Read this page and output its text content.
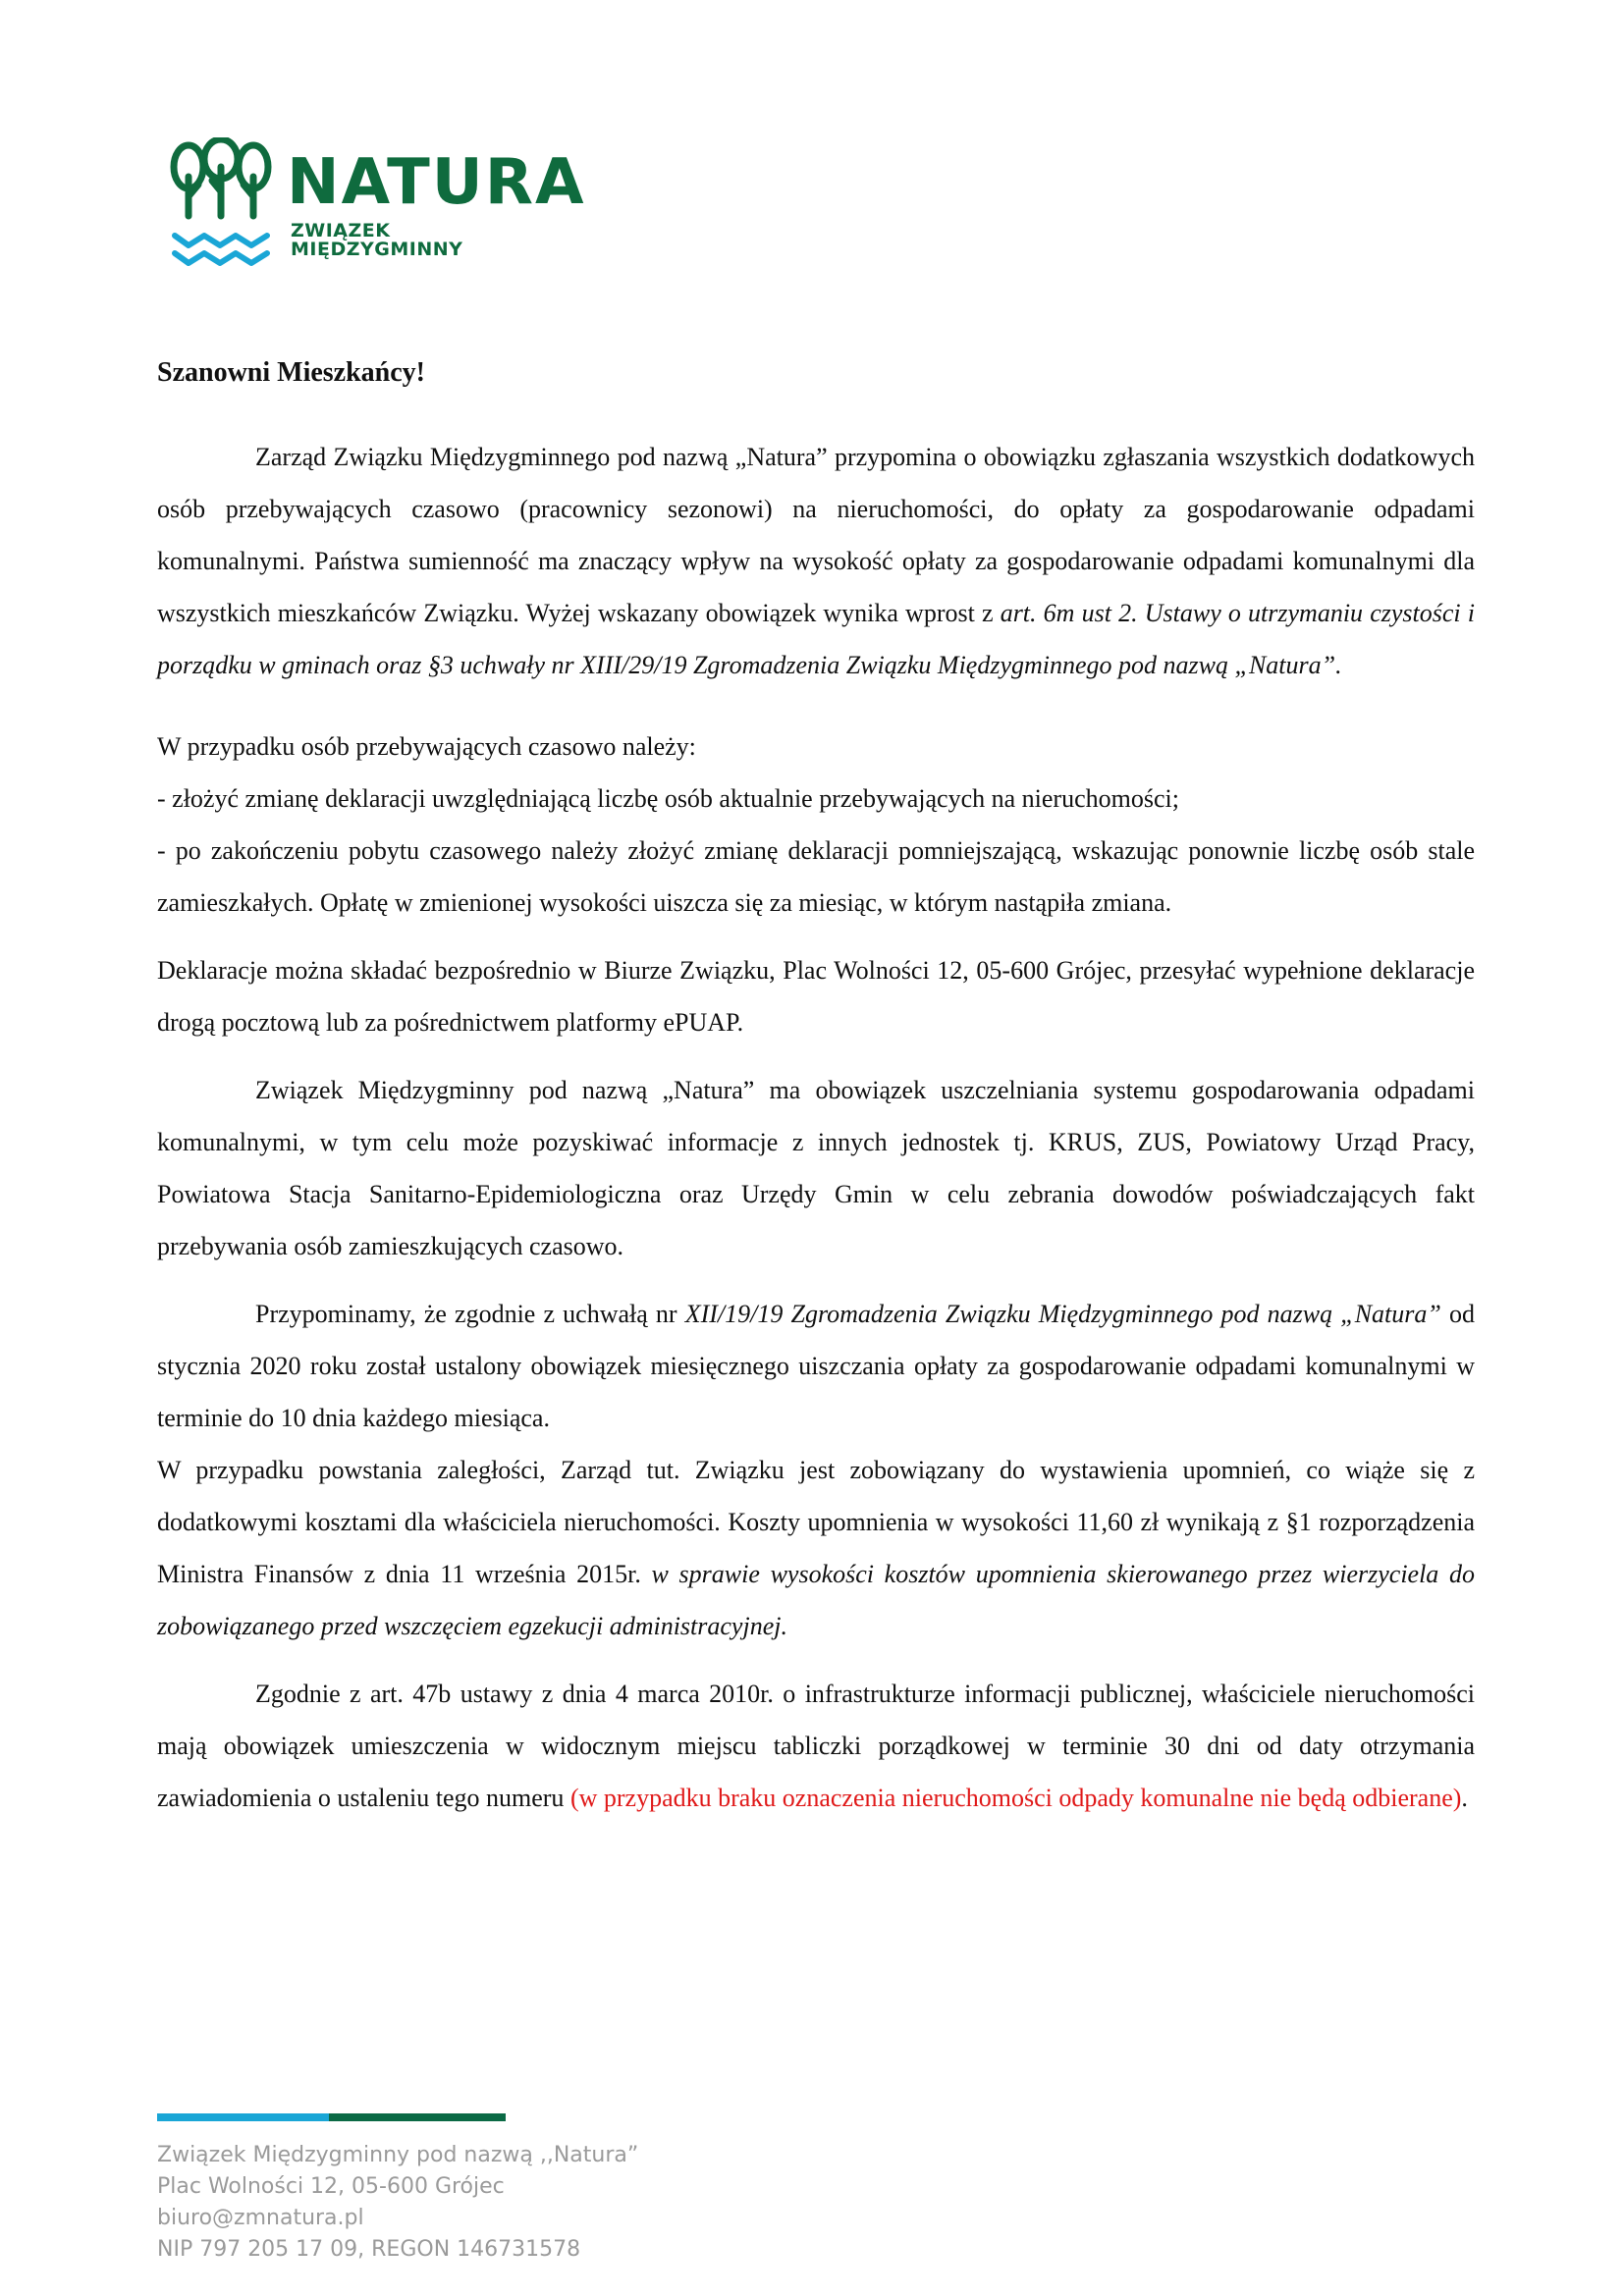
NATURA
ZWIĄZEK MIĘDZYGMINNY
Szanowni Mieszkańcy!

Zarząd Związku Międzygminnego pod nazwą „Natura” przypomina o obowiązku zgłaszania wszystkich dodatkowych osób przebywających czasowo (pracownicy sezonowi) na nieruchomości, do opłaty za gospodarowanie odpadami komunalnymi. Państwa sumienność ma znaczący wpływ na wysokość opłaty za gospodarowanie odpadami komunalnymi dla wszystkich mieszkańców Związku. Wyżej wskazany obowiązek wynika wprost z art. 6m ust 2. Ustawy o utrzymaniu czystości i porządku w gminach oraz §3 uchwały nr XIII/29/19 Zgromadzenia Związku Międzygminnego pod nazwą „Natura”.

W przypadku osób przebywających czasowo należy:

- złożyć zmianę deklaracji uwzględniającą liczbę osób aktualnie przebywających na nieruchomości;

- po zakończeniu pobytu czasowego należy złożyć zmianę deklaracji pomniejszającą, wskazując ponownie liczbę osób stale zamieszkałych. Opłatę w zmienionej wysokości uiszcza się za miesiąc, w którym nastąpiła zmiana.

Deklaracje można składać bezpośrednio w Biurze Związku, Plac Wolności 12, 05-600 Grójec, przesyłać wypełnione deklaracje drogą pocztową lub za pośrednictwem platformy ePUAP.

Związek Międzygminny pod nazwą „Natura” ma obowiązek uszczelniania systemu gospodarowania odpadami komunalnymi, w tym celu może pozyskiwać informacje z innych jednostek tj. KRUS, ZUS, Powiatowy Urząd Pracy, Powiatowa Stacja Sanitarno-Epidemiologiczna oraz Urzędy Gmin w celu zebrania dowodów poświadczających fakt przebywania osób zamieszkujących czasowo.

Przypominamy, że zgodnie z uchwałą nr XII/19/19 Zgromadzenia Związku Międzygminnego pod nazwą „Natura” od stycznia 2020 roku został ustalony obowiązek miesięcznego uiszczania opłaty za gospodarowanie odpadami komunalnymi w terminie do 10 dnia każdego miesiąca.

W przypadku powstania zaległości, Zarząd tut. Związku jest zobowiązany do wystawienia upomnień, co wiąże się z dodatkowymi kosztami dla właściciela nieruchomości. Koszty upomnienia w wysokości 11,60 zł wynikają z §1 rozporządzenia Ministra Finansów z dnia 11 września 2015r. w sprawie wysokości kosztów upomnienia skierowanego przez wierzyciela do zobowiązanego przed wszczęciem egzekucji administracyjnej.

Zgodnie z art. 47b ustawy z dnia 4 marca 2010r. o infrastrukturze informacji publicznej, właściciele nieruchomości mają obowiązek umieszczenia w widocznym miejscu tabliczki porządkowej w terminie 30 dni od daty otrzymania zawiadomienia o ustaleniu tego numeru (w przypadku braku oznaczenia nieruchomości odpady komunalne nie będą odbierane).

Związek Międzygminny pod nazwą ,,Natura”
Plac Wolności 12, 05-600 Grójec
biuro@zmnatura.pl
NIP 797 205 17 09, REGON 146731578
